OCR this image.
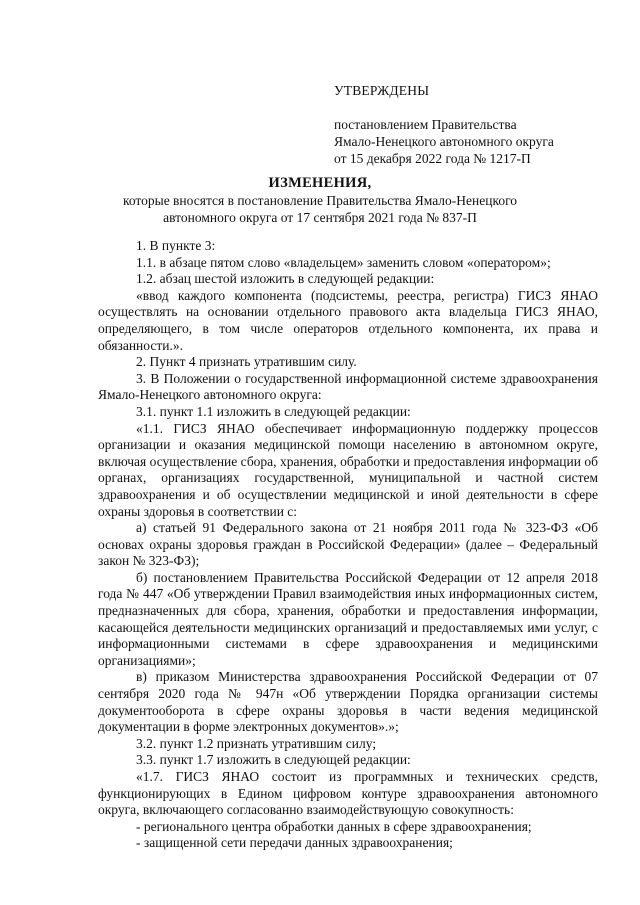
УТВЕРЖДЕНЫ
постановлением Правительства
Ямало-Ненецкого автономного округа
от 15 декабря 2022 года № 1217-П
ИЗМЕНЕНИЯ,
которые вносятся в постановление Правительства Ямало-Ненецкого автономного округа от 17 сентября 2021 года № 837-П

1. В пункте 3:

1.1. в абзаце пятом слово «владельцем» заменить словом «оператором»;

1.2. абзац шестой изложить в следующей редакции:

«ввод каждого компонента (подсистемы, реестра, регистра) ГИСЗ ЯНАО осуществлять на основании отдельного правового акта владельца ГИСЗ ЯНАО, определяющего, в том числе операторов отдельного компонента, их права и обязанности.».

2. Пункт 4 признать утратившим силу.

3. В Положении о государственной информационной системе здравоохранения Ямало-Ненецкого автономного округа:

3.1. пункт 1.1 изложить в следующей редакции:

«1.1. ГИСЗ ЯНАО обеспечивает информационную поддержку процессов организации и оказания медицинской помощи населению в автономном округе, включая осуществление сбора, хранения, обработки и предоставления информации об органах, организациях государственной, муниципальной и частной систем здравоохранения и об осуществлении медицинской и иной деятельности в сфере охраны здоровья в соответствии с:

а) статьей 91 Федерального закона от 21 ноября 2011 года № 323-ФЗ «Об основах охраны здоровья граждан в Российской Федерации» (далее – Федеральный закон № 323-ФЗ);

б) постановлением Правительства Российской Федерации от 12 апреля 2018 года № 447 «Об утверждении Правил взаимодействия иных информационных систем, предназначенных для сбора, хранения, обработки и предоставления информации, касающейся деятельности медицинских организаций и предоставляемых ими услуг, с информационными системами в сфере здравоохранения и медицинскими организациями»;

в) приказом Министерства здравоохранения Российской Федерации от 07 сентября 2020 года № 947н «Об утверждении Порядка организации системы документооборота в сфере охраны здоровья в части ведения медицинской документации в форме электронных документов».»;

3.2. пункт 1.2 признать утратившим силу;

3.3. пункт 1.7 изложить в следующей редакции:

«1.7. ГИСЗ ЯНАО состоит из программных и технических средств, функционирующих в Едином цифровом контуре здравоохранения автономного округа, включающего согласованно взаимодействующую совокупность:

- регионального центра обработки данных в сфере здравоохранения;

- защищенной сети передачи данных здравоохранения;
